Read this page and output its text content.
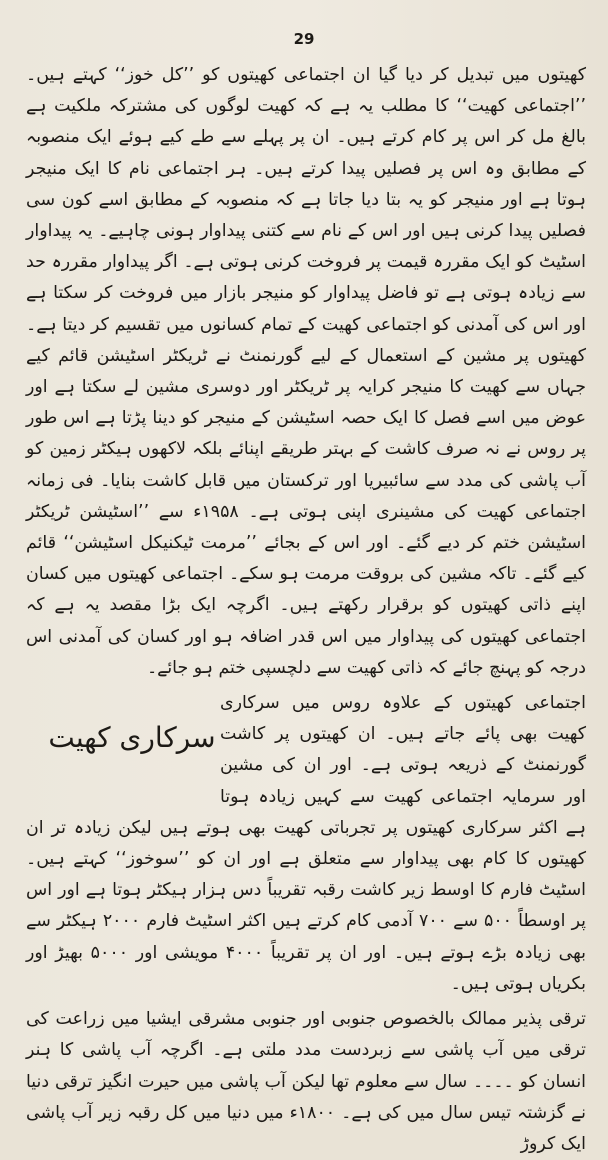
29

کھیتوں میں تبدیل کر دیا گیا ان اجتماعی کھیتوں کو ’’کل خوز‘‘ کہتے ہیں۔ ’’اجتماعی کھیت‘‘ کا مطلب یہ ہے کہ کھیت لوگوں کی مشترکہ ملکیت ہے بالغ مل کر اس پر کام کرتے ہیں۔ ان پر پہلے سے طے کیے ہوئے ایک منصوبہ کے مطابق وہ اس پر فصلیں پیدا کرتے ہیں۔ ہر اجتماعی نام کا ایک منیجر ہوتا ہے اور منیجر کو یہ بتا دیا جاتا ہے کہ منصوبہ کے مطابق اسے کون سی فصلیں پیدا کرنی ہیں اور اس کے نام سے کتنی پیداوار ہونی چاہیے۔ یہ پیداوار اسٹیٹ کو ایک مقررہ قیمت پر فروخت کرنی ہوتی ہے۔ اگر پیداوار مقررہ حد سے زیادہ ہوتی ہے تو فاضل پیداوار کو منیجر بازار میں فروخت کر سکتا ہے اور اس کی آمدنی کو اجتماعی کھیت کے تمام کسانوں میں تقسیم کر دیتا ہے۔ کھیتوں پر مشین کے استعمال کے لیے گورنمنٹ نے ٹریکٹر اسٹیشن قائم کیے جہاں سے کھیت کا منیجر کرایہ پر ٹریکٹر اور دوسری مشین لے سکتا ہے اور عوض میں اسے فصل کا ایک حصہ اسٹیشن کے منیجر کو دینا پڑتا ہے اس طور پر روس نے نہ صرف کاشت کے بہتر طریقے اپنائے بلکہ لاکھوں ہیکٹر زمین کو آب پاشی کی مدد سے سائبیریا اور ترکستان میں قابل کاشت بنایا۔ فی زمانہ اجتماعی کھیت کی مشینری اپنی ہوتی ہے۔ ۱۹۵۸ء سے ’’اسٹیشن ٹریکٹر اسٹیشن ختم کر دیے گئے۔ اور اس کے بجائے ’’مرمت ٹیکنیکل اسٹیشن‘‘ قائم کیے گئے۔ تاکہ مشین کی بروقت مرمت ہو سکے۔ اجتماعی کھیتوں میں کسان اپنے ذاتی کھیتوں کو برقرار رکھتے ہیں۔ اگرچہ ایک بڑا مقصد یہ ہے کہ اجتماعی کھیتوں کی پیداوار میں اس قدر اضافہ ہو اور کسان کی آمدنی اس درجہ کو پہنچ جائے کہ ذاتی کھیت سے دلچسپی ختم ہو جائے۔

سرکاری کھیت
اجتماعی کھیتوں کے علاوہ روس میں سرکاری کھیت بھی پائے جاتے ہیں۔ ان کھیتوں پر کاشت گورنمنٹ کے ذریعہ ہوتی ہے۔ اور ان کی مشین اور سرمایہ اجتماعی کھیت سے کہیں زیادہ ہوتا ہے اکثر سرکاری کھیتوں پر تجرباتی کھیت بھی ہوتے ہیں لیکن زیادہ تر ان کھیتوں کا کام بھی پیداوار سے متعلق ہے اور ان کو ’’سوخوز‘‘ کہتے ہیں۔ اسٹیٹ فارم کا اوسط زیر کاشت رقبہ تقریباً دس ہزار ہیکٹر ہوتا ہے اور اس پر اوسطاً ۵۰۰ سے ۷۰۰ آدمی کام کرتے ہیں اکثر اسٹیٹ فارم ۲۰۰۰ ہیکٹر سے بھی زیادہ بڑے ہوتے ہیں۔ اور ان پر تقریباً ۴۰۰۰ مویشی اور ۵۰۰۰ بھیڑ اور بکریاں ہوتی ہیں۔

ترقی پذیر ممالک بالخصوص جنوبی اور جنوبی مشرقی ایشیا میں زراعت کی ترقی میں آب پاشی سے زبردست مدد ملتی ہے۔ اگرچہ آب پاشی کا ہنر انسان کو ۔۔۔۔ سال سے معلوم تھا لیکن آب پاشی میں حیرت انگیز ترقی دنیا نے گزشتہ تیس سال میں کی ہے۔ ۱۸۰۰ء میں دنیا میں کل رقبہ زیر آب پاشی ایک کروڑ
